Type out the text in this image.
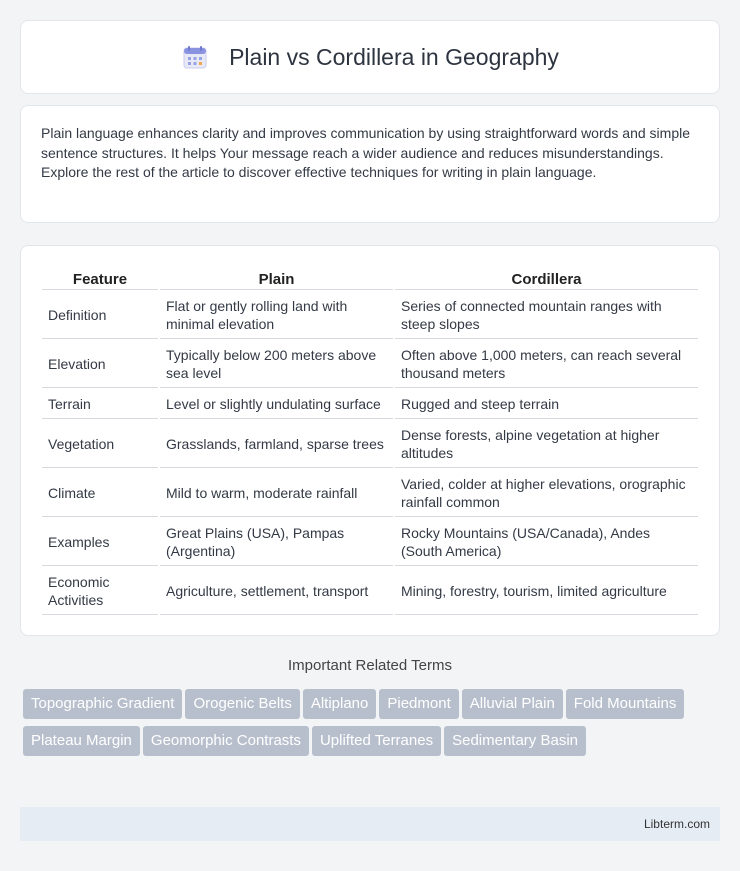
Plain vs Cordillera in Geography

Plain language enhances clarity and improves communication by using straightforward words and simple sentence structures. It helps Your message reach a wider audience and reduces misunderstandings. Explore the rest of the article to discover effective techniques for writing in plain language.

Feature	Plain	Cordillera
Definition	Flat or gently rolling land with minimal elevation	Series of connected mountain ranges with steep slopes
Elevation	Typically below 200 meters above sea level	Often above 1,000 meters, can reach several thousand meters
Terrain	Level or slightly undulating surface	Rugged and steep terrain
Vegetation	Grasslands, farmland, sparse trees	Dense forests, alpine vegetation at higher altitudes
Climate	Mild to warm, moderate rainfall	Varied, colder at higher elevations, orographic rainfall common
Examples	Great Plains (USA), Pampas (Argentina)	Rocky Mountains (USA/Canada), Andes (South America)
Economic Activities	Agriculture, settlement, transport	Mining, forestry, tourism, limited agriculture
Important Related Terms
Topographic Gradient	Orogenic Belts	Altiplano	Piedmont	Alluvial Plain	Fold Mountains
Plateau Margin	Geomorphic Contrasts	Uplifted Terranes	Sedimentary Basin
Libterm.com
